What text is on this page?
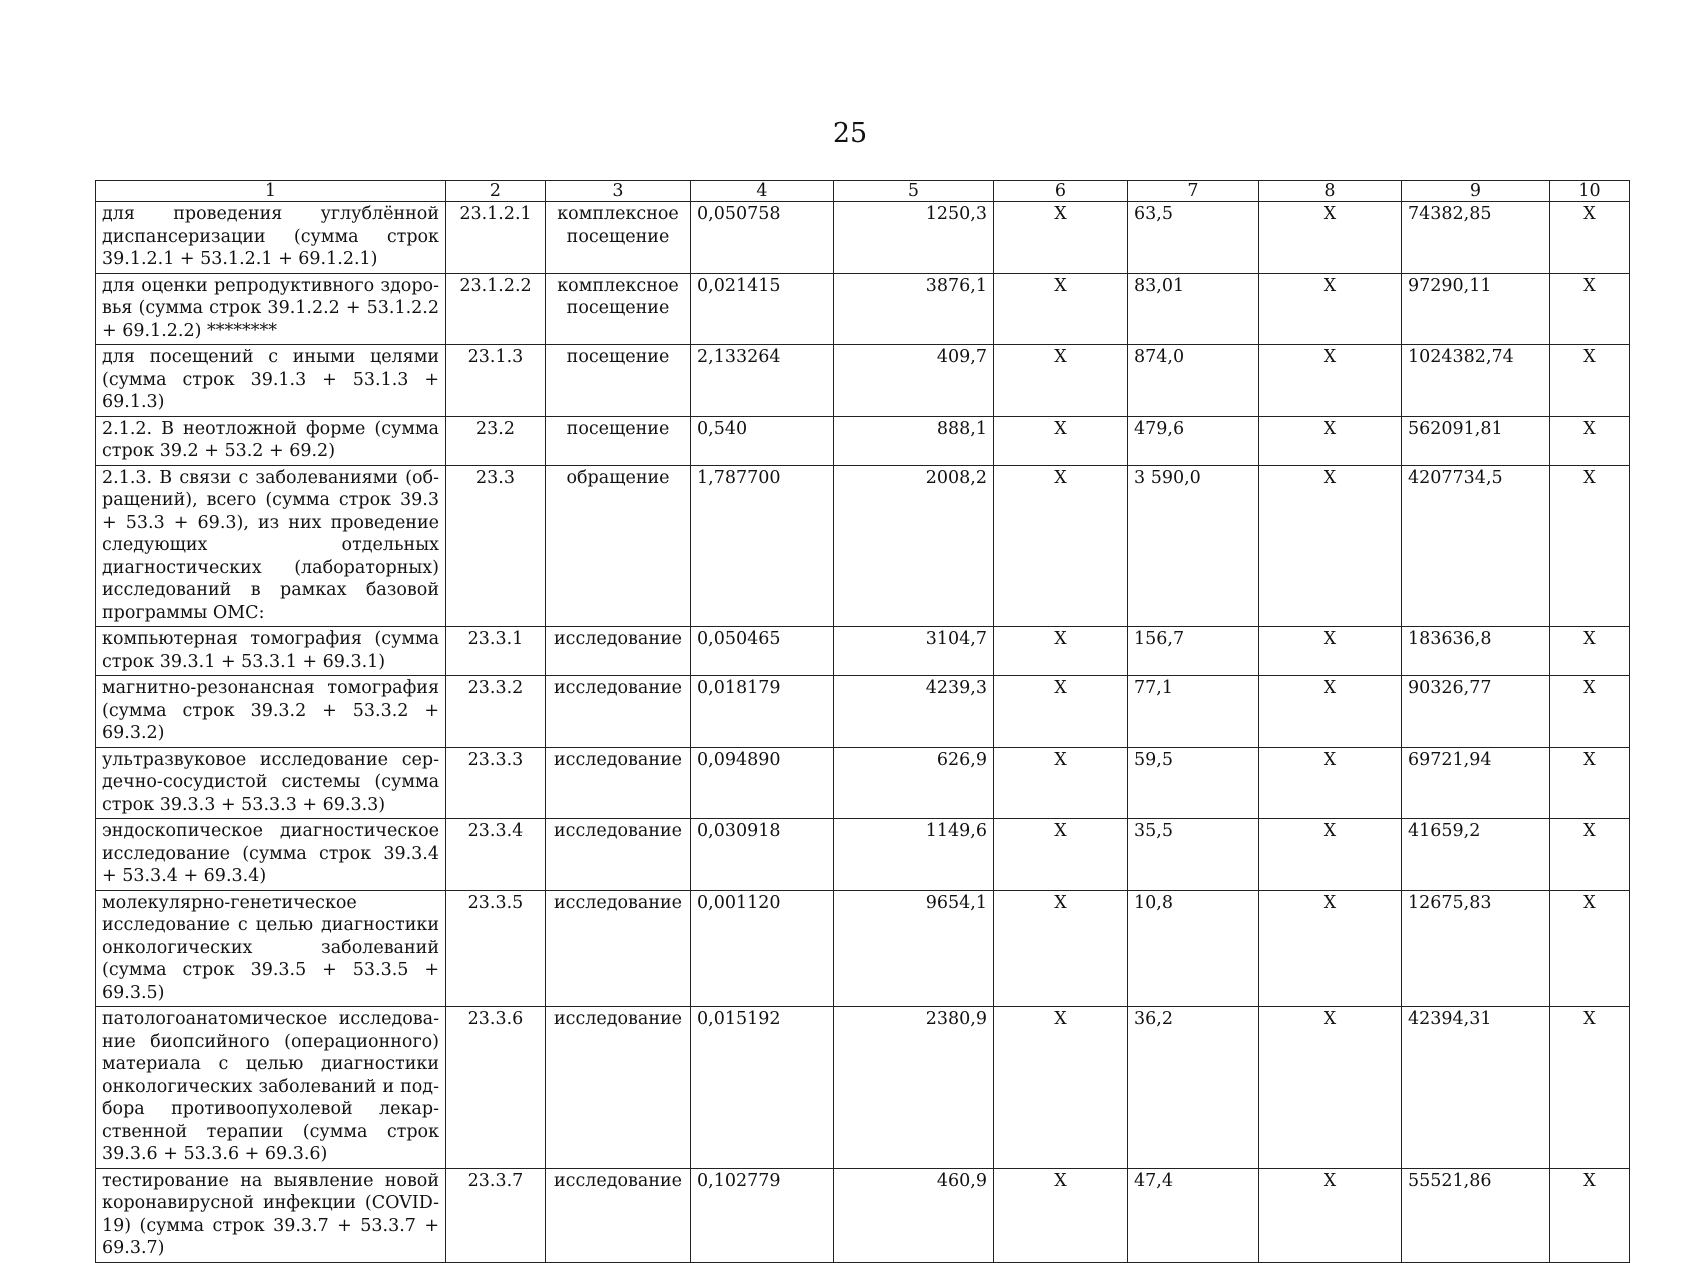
25
1	2	3	4	5	6	7	8	9	10
для проведения углублённой диспансеризации (сумма строк 39.1.2.1 + 53.1.2.1 + 69.1.2.1)	23.1.2.1	комплексное посещение	0,050758	1250,3	X	63,5	X	74382,85	X
для оценки репродуктивного здоровья (сумма строк 39.1.2.2 + 53.1.2.2 + 69.1.2.2) ********	23.1.2.2	комплексное посещение	0,021415	3876,1	X	83,01	X	97290,11	X
для посещений с иными целями (сумма строк 39.1.3 + 53.1.3 + 69.1.3)	23.1.3	посещение	2,133264	409,7	X	874,0	X	1024382,74	X
2.1.2. В неотложной форме (сумма строк 39.2 + 53.2 + 69.2)	23.2	посещение	0,540	888,1	X	479,6	X	562091,81	X
2.1.3. В связи с заболеваниями (обращений), всего (сумма строк 39.3 + 53.3 + 69.3), из них проведение следующих отдельных диагностических (лабораторных) исследований в рамках базовой программы ОМС:	23.3	обращение	1,787700	2008,2	X	3 590,0	X	4207734,5	X
компьютерная томография (сумма строк 39.3.1 + 53.3.1 + 69.3.1)	23.3.1	исследование	0,050465	3104,7	X	156,7	X	183636,8	X
магнитно-резонансная томография (сумма строк 39.3.2 + 53.3.2 + 69.3.2)	23.3.2	исследование	0,018179	4239,3	X	77,1	X	90326,77	X
ультразвуковое исследование сердечно-сосудистой системы (сумма строк 39.3.3 + 53.3.3 + 69.3.3)	23.3.3	исследование	0,094890	626,9	X	59,5	X	69721,94	X
эндоскопическое диагностическое исследование (сумма строк 39.3.4 + 53.3.4 + 69.3.4)	23.3.4	исследование	0,030918	1149,6	X	35,5	X	41659,2	X
молекулярно-генетическое исследование с целью диагностики онкологических заболеваний (сумма строк 39.3.5 + 53.3.5 + 69.3.5)	23.3.5	исследование	0,001120	9654,1	X	10,8	X	12675,83	X
патологоанатомическое исследование биопсийного (операционного) материала с целью диагностики онкологических заболеваний и подбора противоопухолевой лекарственной терапии (сумма строк 39.3.6 + 53.3.6 + 69.3.6)	23.3.6	исследование	0,015192	2380,9	X	36,2	X	42394,31	X
тестирование на выявление новой коронавирусной инфекции (COVID-19) (сумма строк 39.3.7 + 53.3.7 + 69.3.7)	23.3.7	исследование	0,102779	460,9	X	47,4	X	55521,86	X
